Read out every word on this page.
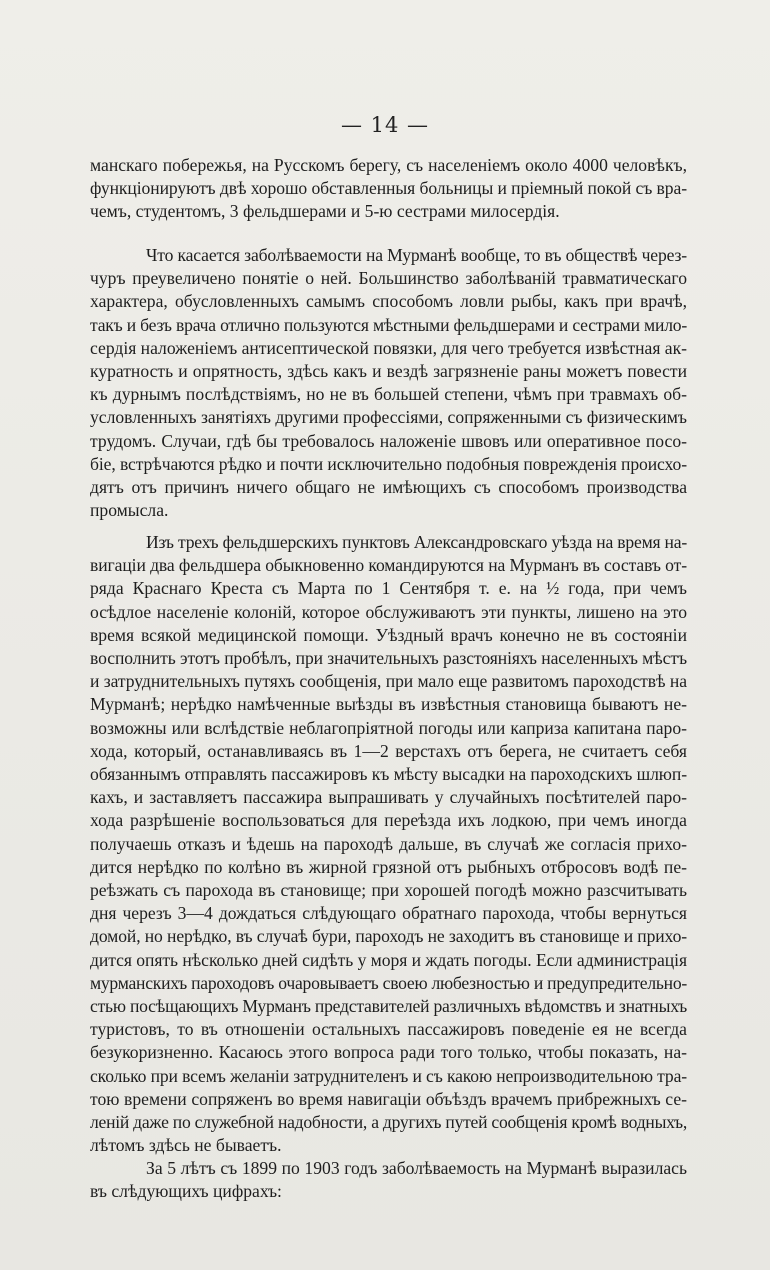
— 14 —
манскаго побережья, на Русскомъ берегу, съ населеніемъ около 4000 человѣкъ,
функціонируютъ двѣ хорошо обставленныя больницы и пріемный покой съ вра-
чемъ, студентомъ, 3 фельдшерами и 5-ю сестрами милосердія.
Что касается заболѣваемости на Мурманѣ вообще, то въ обществѣ через-
чуръ преувеличено понятіе о ней. Большинство заболѣваній травматическаго
характера, обусловленныхъ самымъ способомъ ловли рыбы, какъ при врачѣ,
такъ и безъ врача отлично пользуются мѣстными фельдшерами и сестрами мило-
сердія наложеніемъ антисептической повязки, для чего требуется извѣстная ак-
куратность и опрятность, здѣсь какъ и вездѣ загрязненіе раны можетъ повести
къ дурнымъ послѣдствіямъ, но не въ большей степени, чѣмъ при травмахъ об-
условленныхъ занятіяхъ другими профессіями, сопряженными съ физическимъ
трудомъ. Случаи, гдѣ бы требовалось наложеніе швовъ или оперативное посо-
біе, встрѣчаются рѣдко и почти исключительно подобныя поврежденія происхо-
дятъ отъ причинъ ничего общаго не имѣющихъ съ способомъ производства
промысла.
Изъ трехъ фельдшерскихъ пунктовъ Александровскаго уѣзда на время на-
вигаціи два фельдшера обыкновенно командируются на Мурманъ въ составъ от-
ряда Краснаго Креста съ Марта по 1 Сентября т. е. на ½ года, при чемъ
осѣдлое населеніе колоній, которое обслуживаютъ эти пункты, лишено на это
время всякой медицинской помощи. Уѣздный врачъ конечно не въ состояніи
восполнить этотъ пробѣлъ, при значительныхъ разстояніяхъ населенныхъ мѣстъ
и затруднительныхъ путяхъ сообщенія, при мало еще развитомъ пароходствѣ на
Мурманѣ; нерѣдко намѣченные выѣзды въ извѣстныя становища бываютъ не-
возможны или вслѣдствіе неблагопріятной погоды или каприза капитана паро-
хода, который, останавливаясь въ 1—2 верстахъ отъ берега, не считаетъ себя
обязаннымъ отправлять пассажировъ къ мѣсту высадки на пароходскихъ шлюп-
кахъ, и заставляетъ пассажира выпрашивать у случайныхъ посѣтителей паро-
хода разрѣшеніе воспользоваться для переѣзда ихъ лодкою, при чемъ иногда
получаешь отказъ и ѣдешь на пароходѣ дальше, въ случаѣ же согласія прихо-
дится нерѣдко по колѣно въ жирной грязной отъ рыбныхъ отбросовъ водѣ пе-
реѣзжать съ парохода въ становище; при хорошей погодѣ можно разсчитывать
дня черезъ 3—4 дождаться слѣдующаго обратнаго парохода, чтобы вернуться
домой, но нерѣдко, въ случаѣ бури, пароходъ не заходитъ въ становище и прихо-
дится опять нѣсколько дней сидѣть у моря и ждать погоды. Если администрація
мурманскихъ пароходовъ очаровываетъ своею любезностью и предупредительно-
стью посѣщающихъ Мурманъ представителей различныхъ вѣдомствъ и знатныхъ
туристовъ, то въ отношеніи остальныхъ пассажировъ поведеніе ея не всегда
безукоризненно. Касаюсь этого вопроса ради того только, чтобы показать, на-
сколько при всемъ желаніи затруднителенъ и съ какою непроизводительною тра-
тою времени сопряженъ во время навигаціи объѣздъ врачемъ прибрежныхъ се-
леній даже по служебной надобности, а другихъ путей сообщенія кромѣ водныхъ,
лѣтомъ здѣсь не бываетъ.
За 5 лѣтъ съ 1899 по 1903 годъ заболѣваемость на Мурманѣ выразилась
въ слѣдующихъ цифрахъ:
